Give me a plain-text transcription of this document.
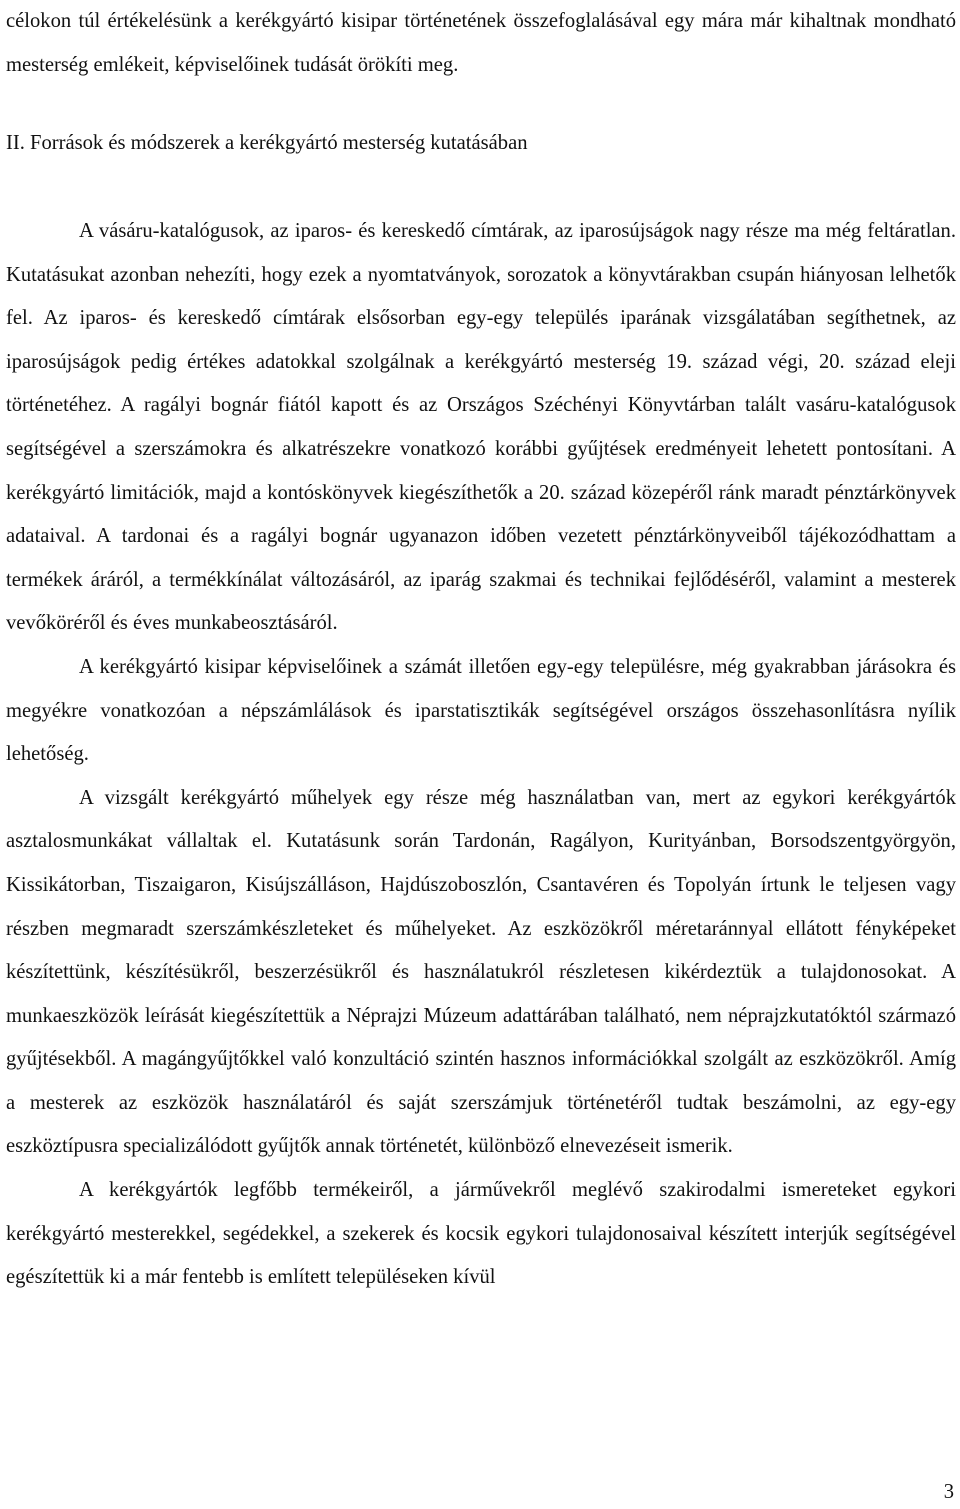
célokon túl értékelésünk a kerékgyártó kisipar történetének összefoglalásával egy mára már kihaltnak mondható mesterség emlékeit, képviselőinek tudását örökíti meg.

II. Források és módszerek a kerékgyártó mesterség kutatásában

A vásáru-katalógusok, az iparos- és kereskedő címtárak, az iparosújságok nagy része ma még feltáratlan. Kutatásukat azonban nehezíti, hogy ezek a nyomtatványok, sorozatok a könyvtárakban csupán hiányosan lelhetők fel. Az iparos- és kereskedő címtárak elsősorban egy-egy település iparának vizsgálatában segíthetnek, az iparosújságok pedig értékes adatokkal szolgálnak a kerékgyártó mesterség 19. század végi, 20. század eleji történetéhez. A ragályi bognár fiától kapott és az Országos Széchényi Könyvtárban talált vasáru-katalógusok segítségével a szerszámokra és alkatrészekre vonatkozó korábbi gyűjtések eredményeit lehetett pontosítani. A kerékgyártó limitációk, majd a kontóskönyvek kiegészíthetők a 20. század közepéről ránk maradt pénztárkönyvek adataival. A tardonai és a ragályi bognár ugyanazon időben vezetett pénztárkönyveiből tájékozódhattam a termékek áráról, a termékkínálat változásáról, az iparág szakmai és technikai fejlődéséről, valamint a mesterek vevőköréről és éves munkabeosztásáról.

A kerékgyártó kisipar képviselőinek a számát illetően egy-egy településre, még gyakrabban járásokra és megyékre vonatkozóan a népszámlálások és iparstatisztikák segítségével országos összehasonlításra nyílik lehetőség.

A vizsgált kerékgyártó műhelyek egy része még használatban van, mert az egykori kerékgyártók asztalosmunkákat vállaltak el. Kutatásunk során Tardonán, Ragályon, Kurityánban, Borsodszentgyörgyön, Kissikátorban, Tiszaigaron, Kisújszálláson, Hajdúszoboszlón, Csantavéren és Topolyán írtunk le teljesen vagy részben megmaradt szerszámkészleteket és műhelyeket. Az eszközökről méretaránnyal ellátott fényképeket készítettünk, készítésükről, beszerzésükről és használatukról részletesen kikérdeztük a tulajdonosokat. A munkaeszközök leírását kiegészítettük a Néprajzi Múzeum adattárában található, nem néprajzkutatóktól származó gyűjtésekből. A magángyűjtőkkel való konzultáció szintén hasznos információkkal szolgált az eszközökről. Amíg a mesterek az eszközök használatáról és saját szerszámjuk történetéről tudtak beszámolni, az egy-egy eszköztípusra specializálódott gyűjtők annak történetét, különböző elnevezéseit ismerik.

A kerékgyártók legfőbb termékeiről, a járművekről meglévő szakirodalmi ismereteket egykori kerékgyártó mesterekkel, segédekkel, a szekerek és kocsik egykori tulajdonosaival készített interjúk segítségével egészítettük ki a már fentebb is említett településeken kívül

3
